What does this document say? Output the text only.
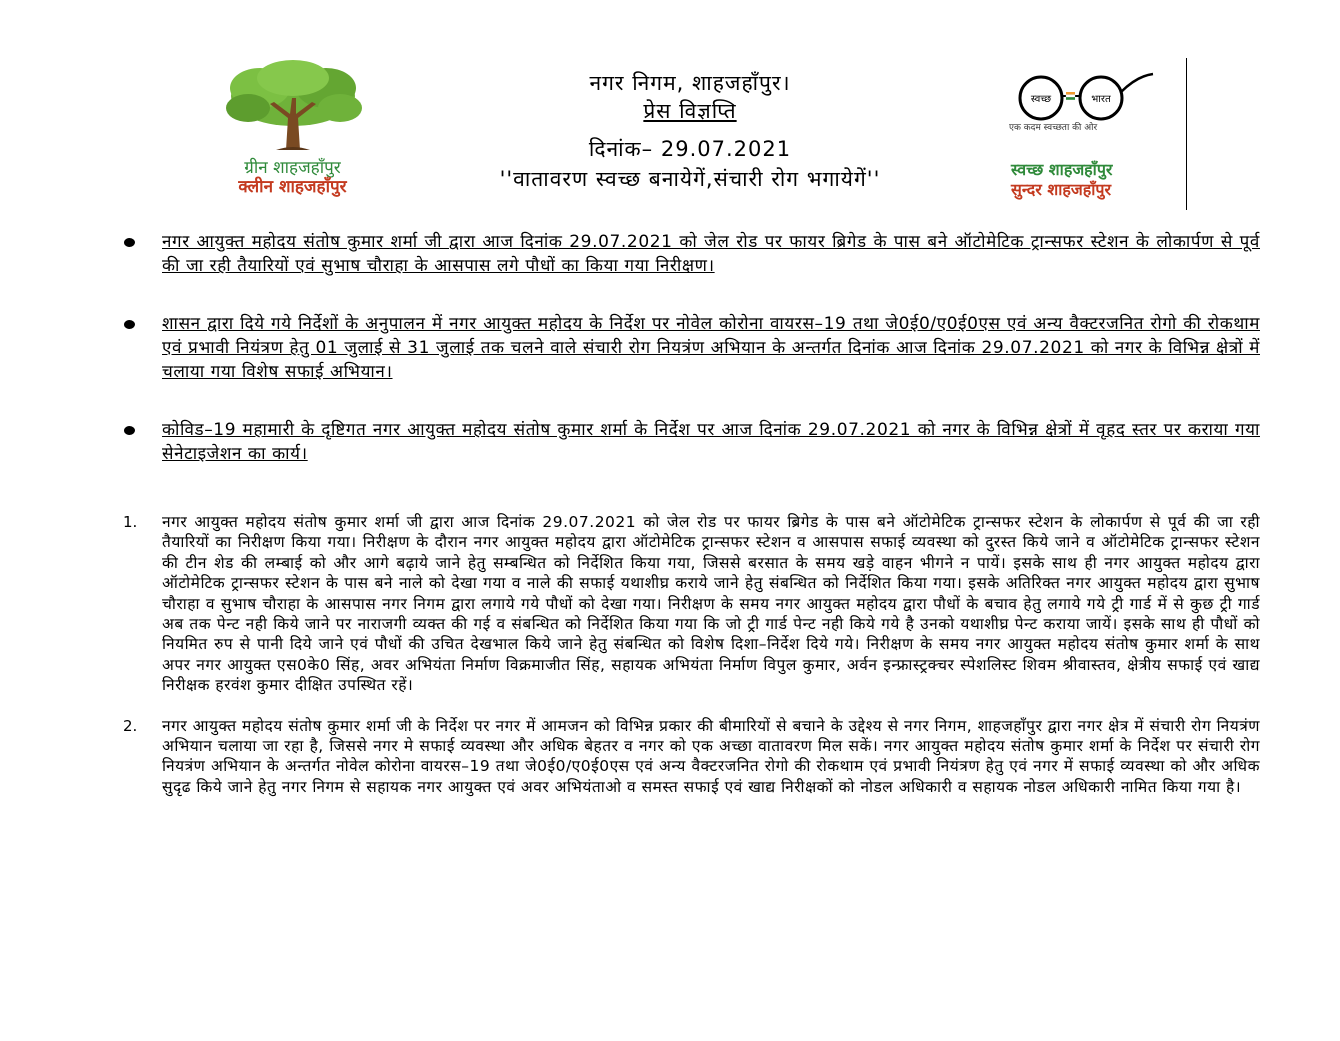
ग्रीन शाहजहाँपुर
क्लीन शाहजहाँपुर
नगर निगम, शाहजहाँपुर।
प्रेस विज्ञप्ति
दिनांक– 29.07.2021
''वातावरण स्वच्छ बनायेगें,संचारी रोग भगायेगें''
स्वच्छ	भारत
एक कदम स्वच्छता की ओर
स्वच्छ शाहजहाँपुर
सुन्दर शाहजहाँपुर

नगर आयुक्त महोदय संतोष कुमार शर्मा जी द्वारा आज दिनांक 29.07.2021 को जेल रोड पर फायर ब्रिगेड के पास बने ऑटोमेटिक ट्रान्सफर स्टेशन के लोकार्पण से पूर्व की जा रही तैयारियों एवं सुभाष चौराहा के आसपास लगे पौधों का किया गया निरीक्षण।

शासन द्वारा दिये गये निर्देशों के अनुपालन में नगर आयुक्त महोदय के निर्देश पर नोवेल कोरोना वायरस–19 तथा जे0ई0/ए0ई0एस एवं अन्य वैक्टरजनित रोगो की रोकथाम एवं प्रभावी नियंत्रण हेतु 01 जुलाई से 31 जुलाई तक चलने वाले संचारी रोग नियत्रंण अभियान के अन्तर्गत दिनांक आज दिनांक 29.07.2021 को नगर के विभिन्न क्षेत्रों में चलाया गया विशेष सफाई अभियान।

कोविड–19 महामारी के दृष्टिगत नगर आयुक्त महोदय संतोष कुमार शर्मा के निर्देश पर आज दिनांक 29.07.2021 को नगर के विभिन्न क्षेत्रों में वृहद स्तर पर कराया गया सेनेटाइजेशन का कार्य।

1. नगर आयुक्त महोदय संतोष कुमार शर्मा जी द्वारा आज दिनांक 29.07.2021 को जेल रोड पर फायर ब्रिगेड के पास बने ऑटोमेटिक ट्रान्सफर स्टेशन के लोकार्पण से पूर्व की जा रही तैयारियों का निरीक्षण किया गया। निरीक्षण के दौरान नगर आयुक्त महोदय द्वारा ऑटोमेटिक ट्रान्सफर स्टेशन व आसपास सफाई व्यवस्था को दुरस्त किये जाने व ऑटोमेटिक ट्रान्सफर स्टेशन की टीन शेड की लम्बाई को और आगे बढ़ाये जाने हेतु सम्बन्धित को निर्देशित किया गया, जिससे बरसात के समय खड़े वाहन भीगने न पायें। इसके साथ ही नगर आयुक्त महोदय द्वारा ऑटोमेटिक ट्रान्सफर स्टेशन के पास बने नाले को देखा गया व नाले की सफाई यथाशीघ्र कराये जाने हेतु संबन्धित को निर्देशित किया गया। इसके अतिरिक्त नगर आयुक्त महोदय द्वारा सुभाष चौराहा व सुभाष चौराहा के आसपास नगर निगम द्वारा लगाये गये पौधों को देखा गया। निरीक्षण के समय नगर आयुक्त महोदय द्वारा पौधों के बचाव हेतु लगाये गये ट्री गार्ड में से कुछ ट्री गार्ड अब तक पेन्ट नही किये जाने पर नाराजगी व्यक्त की गई व संबन्धित को निर्देशित किया गया कि जो ट्री गार्ड पेन्ट नही किये गये है उनको यथाशीघ्र पेन्ट कराया जायें। इसके साथ ही पौधों को नियमित रुप से पानी दिये जाने एवं पौधों की उचित देखभाल किये जाने हेतु संबन्धित को विशेष दिशा–निर्देश दिये गये। निरीक्षण के समय नगर आयुक्त महोदय संतोष कुमार शर्मा के साथ अपर नगर आयुक्त एस0के0 सिंह, अवर अभियंता निर्माण विक्रमाजीत सिंह, सहायक अभियंता निर्माण विपुल कुमार, अर्वन इन्फ्रास्ट्रक्चर स्पेशलिस्ट शिवम श्रीवास्तव, क्षेत्रीय सफाई एवं खाद्य निरीक्षक हरवंश कुमार दीक्षित उपस्थित रहें।

2. नगर आयुक्त महोदय संतोष कुमार शर्मा जी के निर्देश पर नगर में आमजन को विभिन्न प्रकार की बीमारियों से बचाने के उद्देश्य से नगर निगम, शाहजहाँपुर द्वारा नगर क्षेत्र में संचारी रोग नियत्रंण अभियान चलाया जा रहा है, जिससे नगर मे सफाई व्यवस्था और अधिक बेहतर व नगर को एक अच्छा वातावरण मिल सकें। नगर आयुक्त महोदय संतोष कुमार शर्मा के निर्देश पर संचारी रोग नियत्रंण अभियान के अन्तर्गत नोवेल कोरोना वायरस–19 तथा जे0ई0/ए0ई0एस एवं अन्य वैक्टरजनित रोगो की रोकथाम एवं प्रभावी नियंत्रण हेतु एवं नगर में सफाई व्यवस्था को और अधिक सुदृढ किये जाने हेतु नगर निगम से सहायक नगर आयुक्त एवं अवर अभियंताओ व समस्त सफाई एवं खाद्य निरीक्षकों को नोडल अधिकारी व सहायक नोडल अधिकारी नामित किया गया है।
